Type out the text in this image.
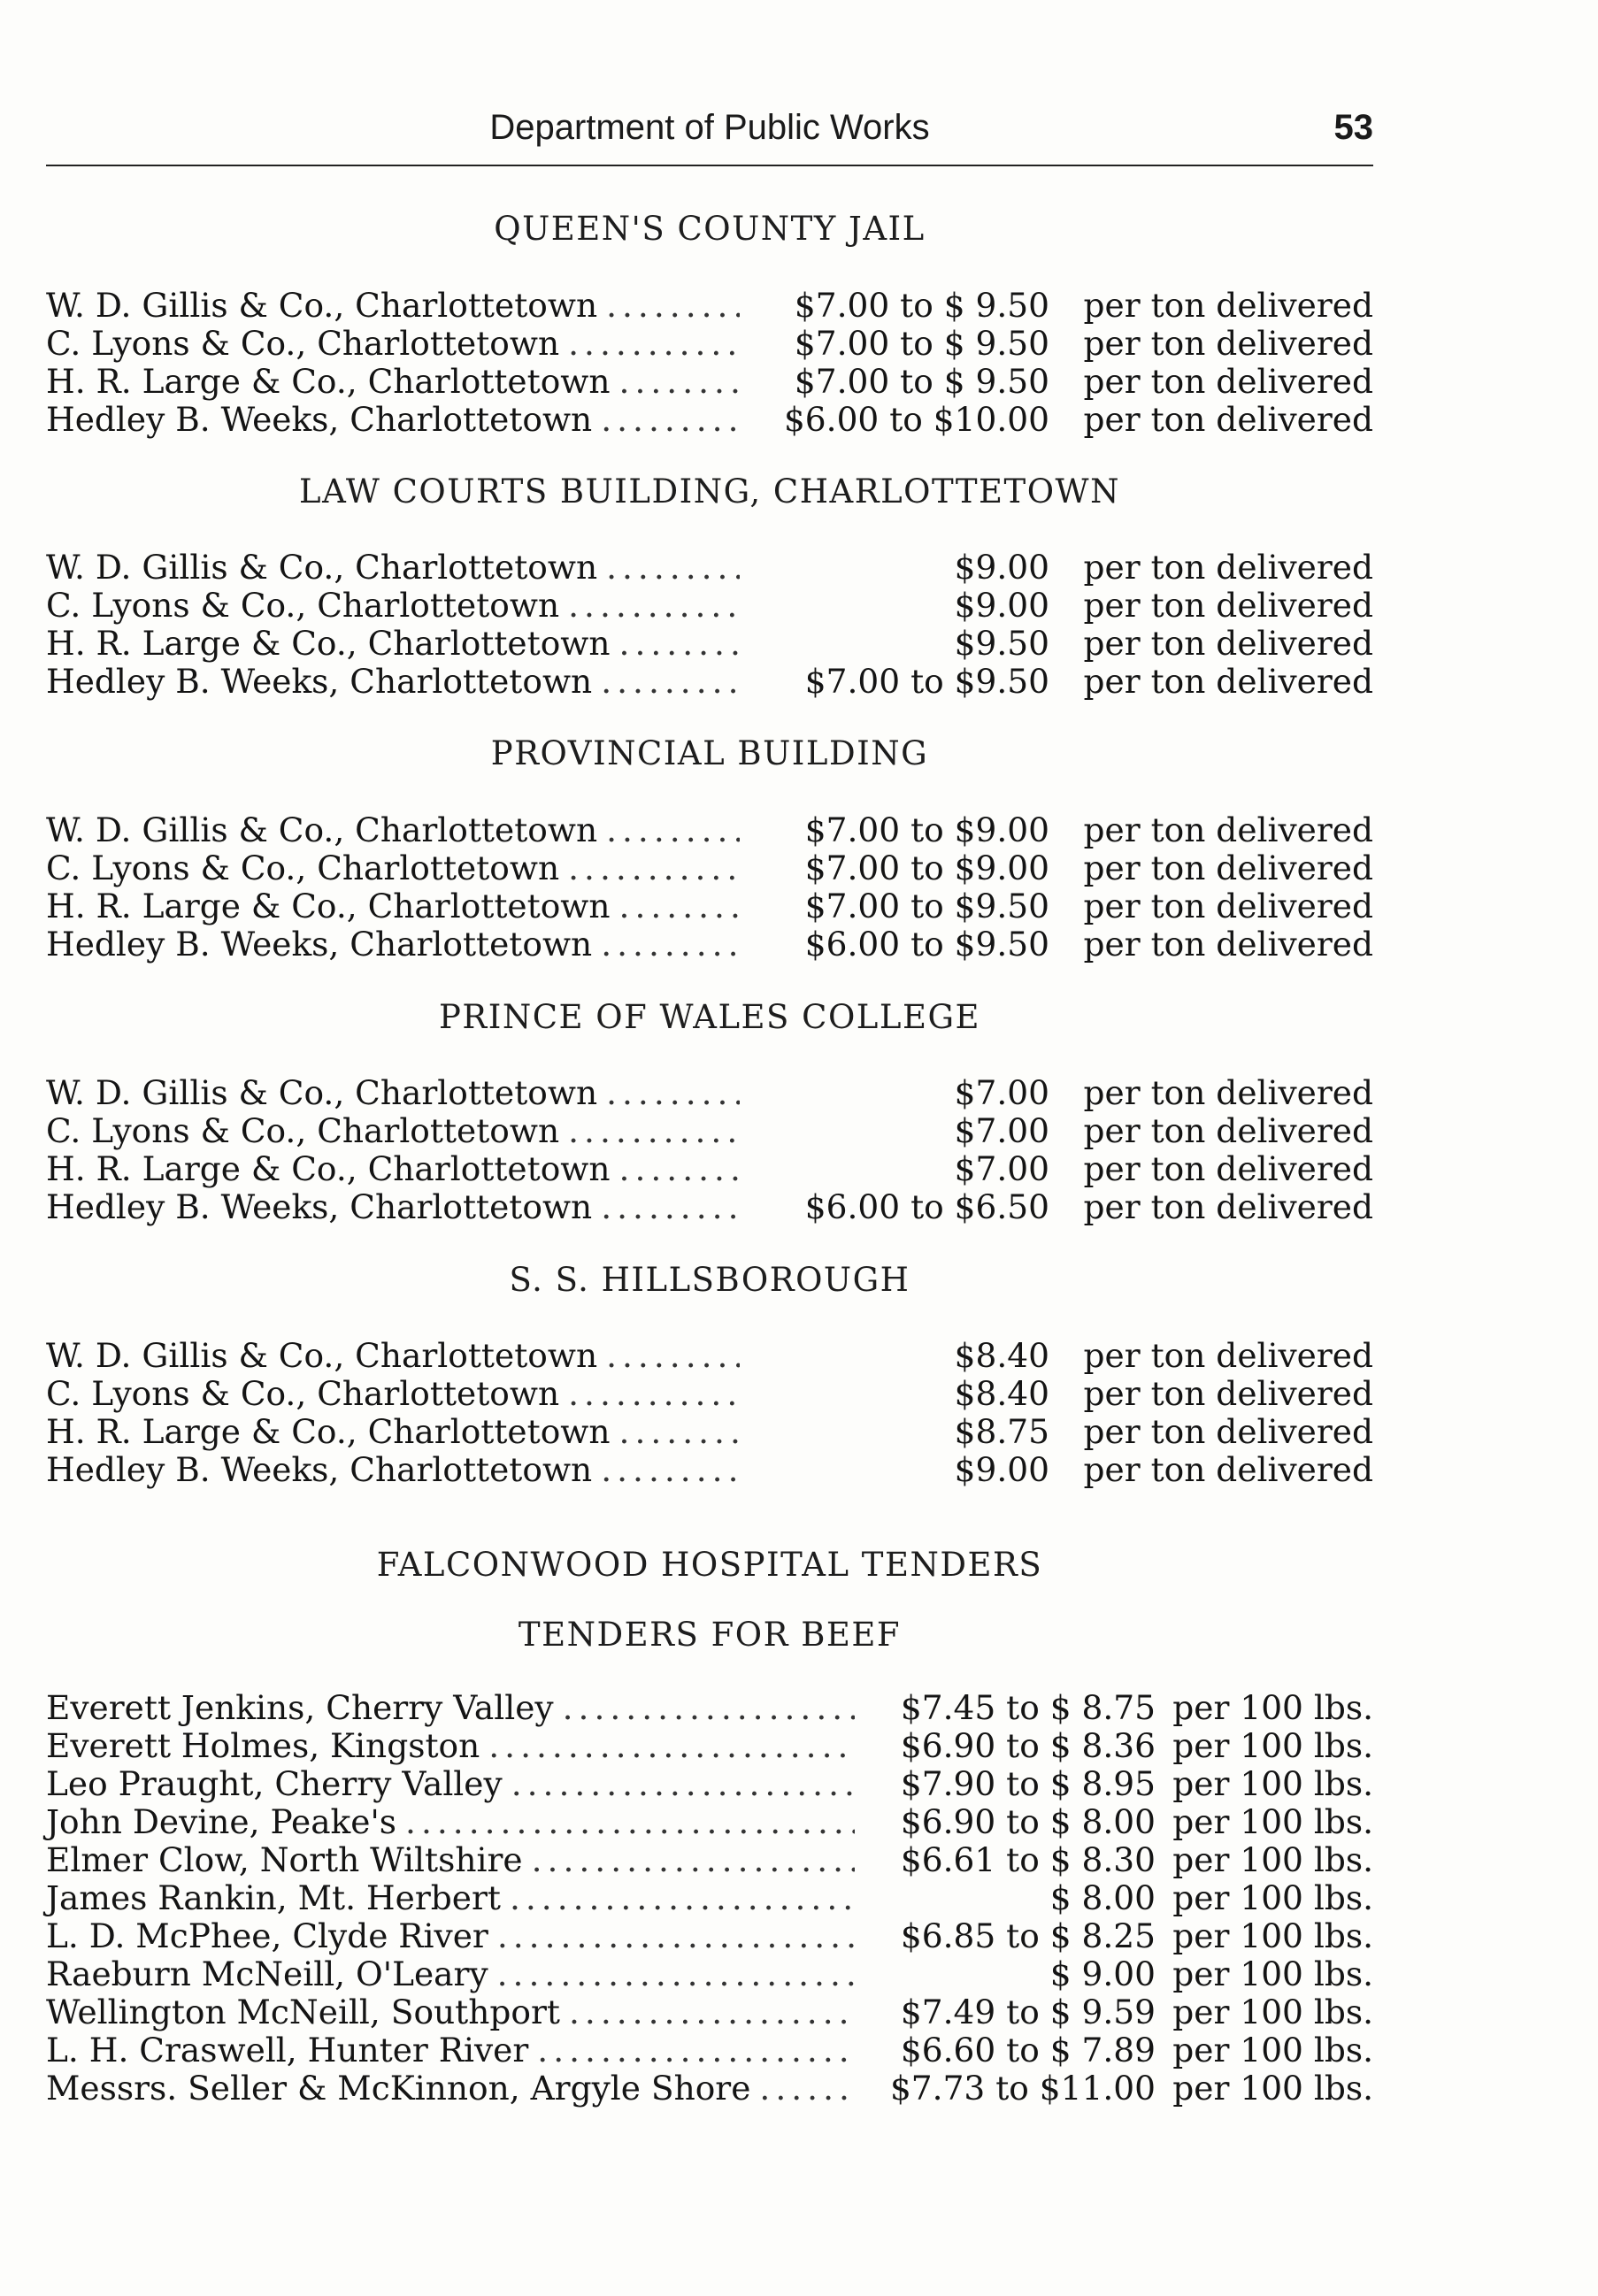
Department of Public Works	53
QUEEN'S COUNTY JAIL
W. D. Gillis & Co., Charlottetown .....	$7.00 to $ 9.50	per ton delivered
C. Lyons & Co., Charlottetown .....	$7.00 to $ 9.50	per ton delivered
H. R. Large & Co., Charlottetown .....	$7.00 to $ 9.50	per ton delivered
Hedley B. Weeks, Charlottetown .....	$6.00 to $10.00	per ton delivered
LAW COURTS BUILDING, CHARLOTTETOWN
W. D. Gillis & Co., Charlottetown .....	$9.00	per ton delivered
C. Lyons & Co., Charlottetown .....	$9.00	per ton delivered
H. R. Large & Co., Charlottetown .....	$9.50	per ton delivered
Hedley B. Weeks, Charlottetown .....	$7.00 to $9.50	per ton delivered
PROVINCIAL BUILDING
W. D. Gillis & Co., Charlottetown .....	$7.00 to $9.00	per ton delivered
C. Lyons & Co., Charlottetown .....	$7.00 to $9.00	per ton delivered
H. R. Large & Co., Charlottetown .....	$7.00 to $9.50	per ton delivered
Hedley B. Weeks, Charlottetown .....	$6.00 to $9.50	per ton delivered
PRINCE OF WALES COLLEGE
W. D. Gillis & Co., Charlottetown .....	$7.00	per ton delivered
C. Lyons & Co., Charlottetown .....	$7.00	per ton delivered
H. R. Large & Co., Charlottetown .....	$7.00	per ton delivered
Hedley B. Weeks, Charlottetown .....	$6.00 to $6.50	per ton delivered
S. S. HILLSBOROUGH
W. D. Gillis & Co., Charlottetown .....	$8.40	per ton delivered
C. Lyons & Co., Charlottetown .....	$8.40	per ton delivered
H. R. Large & Co., Charlottetown .....	$8.75	per ton delivered
Hedley B. Weeks, Charlottetown .....	$9.00	per ton delivered
FALCONWOOD HOSPITAL TENDERS
TENDERS FOR BEEF
Everett Jenkins, Cherry Valley .....	$7.45 to $ 8.75 per 100 lbs.
Everett Holmes, Kingston .....	$6.90 to $ 8.36 per 100 lbs.
Leo Praught, Cherry Valley .....	$7.90 to $ 8.95 per 100 lbs.
John Devine, Peake's .....	$6.90 to $ 8.00 per 100 lbs.
Elmer Clow, North Wiltshire .....	$6.61 to $ 8.30 per 100 lbs.
James Rankin, Mt. Herbert .....	$ 8.00 per 100 lbs.
L. D. McPhee, Clyde River .....	$6.85 to $ 8.25 per 100 lbs.
Raeburn McNeill, O'Leary .....	$ 9.00 per 100 lbs.
Wellington McNeill, Southport .....	$7.49 to $ 9.59 per 100 lbs.
L. H. Craswell, Hunter River .....	$6.60 to $ 7.89 per 100 lbs.
Messrs. Seller & McKinnon, Argyle Shore .....	$7.73 to $11.00 per 100 lbs.
